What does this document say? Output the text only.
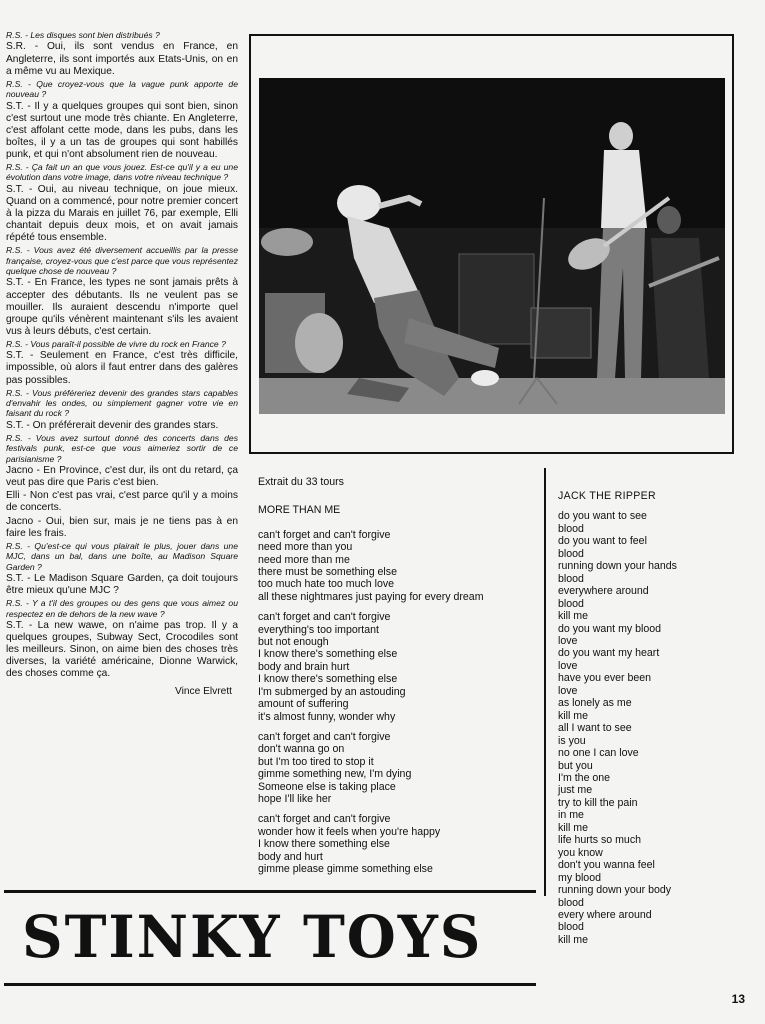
R.S. - Les disques sont bien distribués ?

S.R. - Oui, ils sont vendus en France, en Angleterre, ils sont importés aux Etats-Unis, on en a même vu au Mexique.

R.S. - Que croyez-vous que la vague punk apporte de nouveau ?

S.T. - Il y a quelques groupes qui sont bien, sinon c'est surtout une mode très chiante. En Angleterre, c'est affolant cette mode, dans les pubs, dans les boîtes, il y a un tas de groupes qui sont habillés punk, et qui n'ont absolument rien de nouveau.

R.S. - Ça fait un an que vous jouez. Est-ce qu'il y a eu une évolution dans votre image, dans votre niveau technique ?

S.T. - Oui, au niveau technique, on joue mieux. Quand on a commencé, pour notre premier concert à la pizza du Marais en juillet 76, par exemple, Elli chantait depuis deux mois, et on avait jamais répété tous ensemble.

R.S. - Vous avez été diversement accueillis par la presse française, croyez-vous que c'est parce que vous représentez quelque chose de nouveau ?

S.T. - En France, les types ne sont jamais prêts à accepter des débutants. Ils ne veulent pas se mouiller. Ils auraient descendu n'importe quel groupe qu'ils vénèrent maintenant s'ils les avaient vus à leurs débuts, c'est certain.

R.S. - Vous paraît-il possible de vivre du rock en France ?

S.T. - Seulement en France, c'est très difficile, impossible, où alors il faut entrer dans des galères pas possibles.

R.S. - Vous préféreriez devenir des grandes stars capables d'envahir les ondes, ou simplement gagner votre vie en faisant du rock ?

S.T. - On préférerait devenir des grandes stars.

R.S. - Vous avez surtout donné des concerts dans des festivals punk, est-ce que vous aimeriez sortir de ce parisianisme ?

Jacno - En Province, c'est dur, ils ont du retard, ça veut pas dire que Paris c'est bien.

Elli - Non c'est pas vrai, c'est parce qu'il y a moins de concerts.

Jacno - Oui, bien sur, mais je ne tiens pas à en faire les frais.

R.S. - Qu'est-ce qui vous plairait le plus, jouer dans une MJC, dans un bal, dans une boîte, au Madison Square Garden ?

S.T. - Le Madison Square Garden, ça doit toujours être mieux qu'une MJC ?

R.S. - Y a t'il des groupes ou des gens que vous aimez ou respectez en de dehors de la new wave ?

S.T. - La new wawe, on n'aime pas trop. Il y a quelques groupes, Subway Sect, Crocodiles sont les meilleurs. Sinon, on aime bien des choses très diverses, la variété américaine, Dionne Warwick, des choses comme ça.

Vince Elvrett
Extrait du 33 tours
MORE THAN ME
can't forget and can't forgive
need more than you
need more than me
there must be something else
too much hate too much love
all these nightmares just paying for every dream
can't forget and can't forgive
everything's too important
but not enough
I know there's something else
body and brain hurt
I know there's something else
I'm submerged by an astouding
amount of suffering
it's almost funny, wonder why
can't forget and can't forgive
don't wanna go on
but I'm too tired to stop it
gimme something new, I'm dying
Someone else is taking place
hope I'll like her
can't forget and can't forgive
wonder how it feels when you're happy
I know there something else
body and hurt
gimme please gimme something else
JACK THE RIPPER
do you want to see
blood
do you want to feel
blood
running down your hands
blood
everywhere around
blood
kill me
do you want my blood
love
do you want my heart
love
have you ever been
love
as lonely as me
kill me
all I want to see
is you
no one I can love
but you
I'm the one
just me
try to kill the pain
in me
kill me
life hurts so much
you know
don't you wanna feel
my blood
running down your body
blood
every where around
blood
kill me
STINKY TOYS
13
